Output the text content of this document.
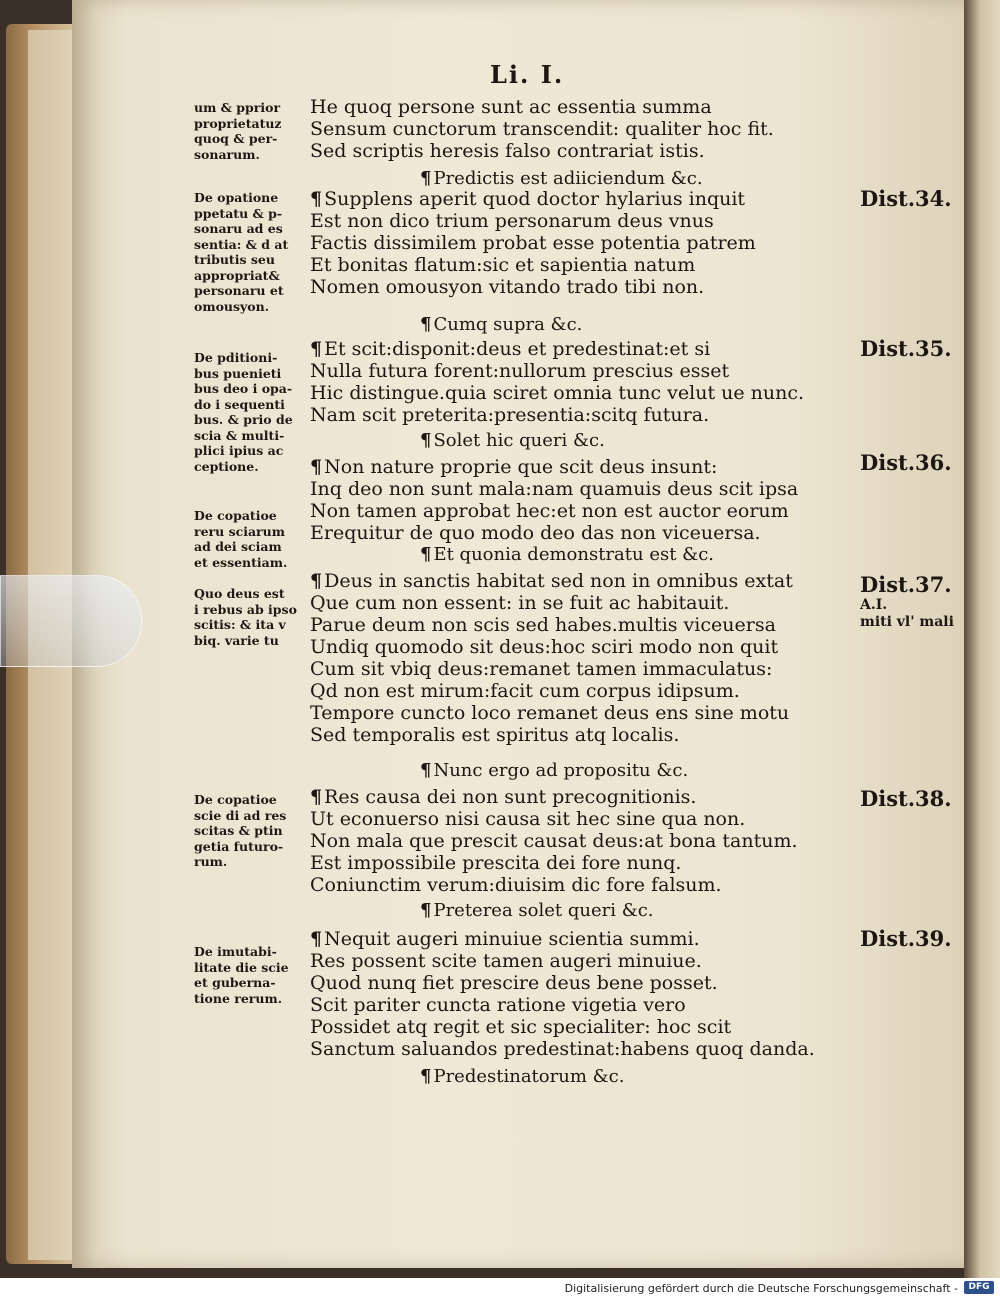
Li. I.
He quoq persone sunt ac essentia summa
Sensum cunctorum transcendit: qualiter hoc fit.
Sed scriptis heresis falso contrariat istis.
um & pprior
proprietatuz
quoq & per-
sonarum.
¶ Predictis est adiiciendum &c.
Dist.34.
¶ Supplens aperit quod doctor hylarius inquit
Est non dico trium personarum deus vnus
Factis dissimilem probat esse potentia patrem
Et bonitas flatum:sic et sapientia natum
Nomen omousyon vitando trado tibi non.
De opatione
ppetatu & p-
sonaru ad es
sentia: & d at
tributis seu
appropriat&
personaru et
omousyon.
¶ Cumq supra &c.
Dist.35.
¶ Et scit:disponit:deus et predestinat:et si
Nulla futura forent:nullorum prescius esset
Hic distingue.quia sciret omnia tunc velut ue nunc.
Nam scit preterita:presentia:scitq futura.
De pditioni-
bus puenieti
bus deo i opa-
do i sequenti
bus. & prio de
scia & multi-
plici ipius ac
ceptione.
¶ Solet hic queri &c.
Dist.36.
¶ Non nature proprie que scit deus insunt:
Inq deo non sunt mala:nam quamuis deus scit ipsa
Non tamen approbat hec:et non est auctor eorum
Erequitur de quo modo deo das non viceuersa.
De copatioe
reru sciarum
ad dei sciam
et essentiam.	¶ Et quonia demonstratu est &c.
Dist.37.
A.I.
miti vl' mali
¶ Deus in sanctis habitat sed non in omnibus extat
Que cum non essent: in se fuit ac habitauit.
Parue deum non scis sed habes.multis viceuersa
Undiq quomodo sit deus:hoc sciri modo non quit
Cum sit vbiq deus:remanet tamen immaculatus:
Qd non est mirum:facit cum corpus idipsum.
Tempore cuncto loco remanet deus ens sine motu
Sed temporalis est spiritus atq localis.
Quo deus est
i rebus ab ipso
scitis: & ita v
biq. varie tu
¶ Nunc ergo ad propositu &c.
Dist.38.
¶ Res causa dei non sunt precognitionis.
Ut econuerso nisi causa sit hec sine qua non.
Non mala que prescit causat deus:at bona tantum.
Est impossibile prescita dei fore nunq.
Coniunctim verum:diuisim dic fore falsum.
De copatioe
scie di ad res
scitas & ptin
getia futuro-
rum.
¶ Preterea solet queri &c.
Dist.39.
¶ Nequit augeri minuiue scientia summi.
Res possent scite tamen augeri minuiue.
Quod nunq fiet prescire deus bene posset.
Scit pariter cuncta ratione vigetia vero
Possidet atq regit et sic specialiter: hoc scit
Sanctum saluandos predestinat:habens quoq danda.
De imutabi-
litate die scie
et guberna-
tione rerum.
¶ Predestinatorum &c.
Digitalisierung gefördert durch die Deutsche Forschungsgemeinschaft -	DFG
